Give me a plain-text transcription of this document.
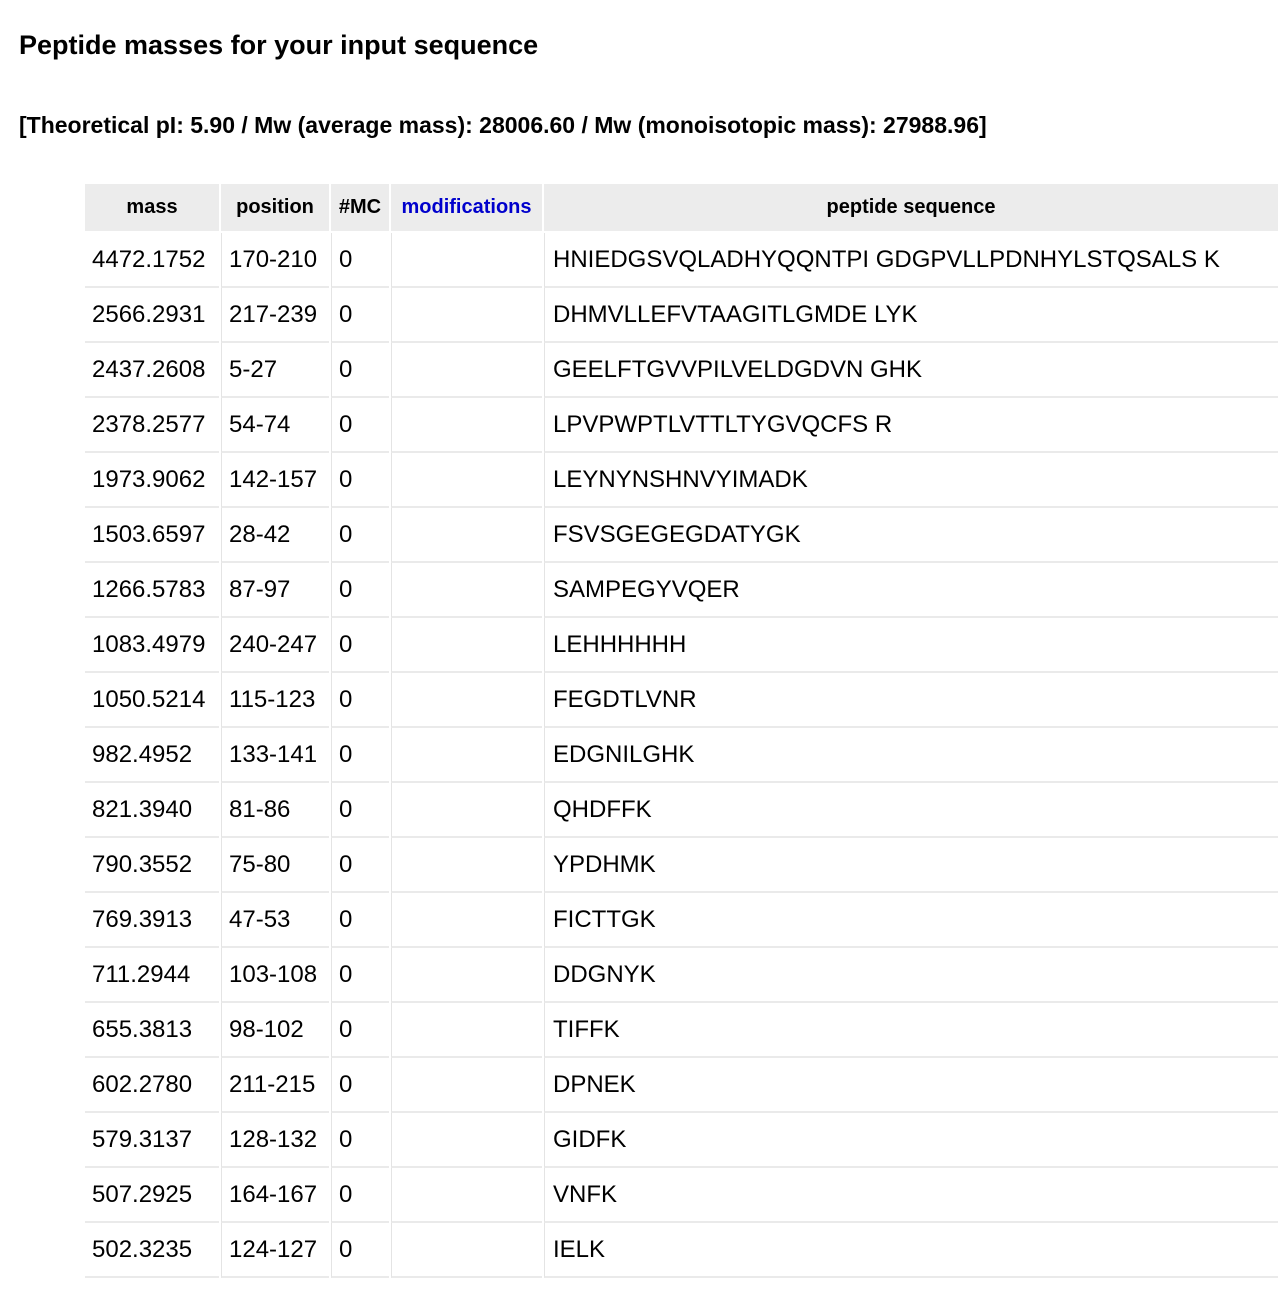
Peptide masses for your input sequence
[Theoretical pI: 5.90 / Mw (average mass): 28006.60 / Mw (monoisotopic mass): 27988.96]
mass	position	#MC	modifications	peptide sequence
4472.1752	170-210	0		HNIEDGSVQLADHYQQNTPI GDGPVLLPDNHYLSTQSALS K
2566.2931	217-239	0		DHMVLLEFVTAAGITLGMDE LYK
2437.2608	5-27	0		GEELFTGVVPILVELDGDVN GHK
2378.2577	54-74	0		LPVPWPTLVTTLTYGVQCFS R
1973.9062	142-157	0		LEYNYNSHNVYIMADK
1503.6597	28-42	0		FSVSGEGEGDATYGK
1266.5783	87-97	0		SAMPEGYVQER
1083.4979	240-247	0		LEHHHHHH
1050.5214	115-123	0		FEGDTLVNR
982.4952	133-141	0		EDGNILGHK
821.3940	81-86	0		QHDFFK
790.3552	75-80	0		YPDHMK
769.3913	47-53	0		FICTTGK
711.2944	103-108	0		DDGNYK
655.3813	98-102	0		TIFFK
602.2780	211-215	0		DPNEK
579.3137	128-132	0		GIDFK
507.2925	164-167	0		VNFK
502.3235	124-127	0		IELK
